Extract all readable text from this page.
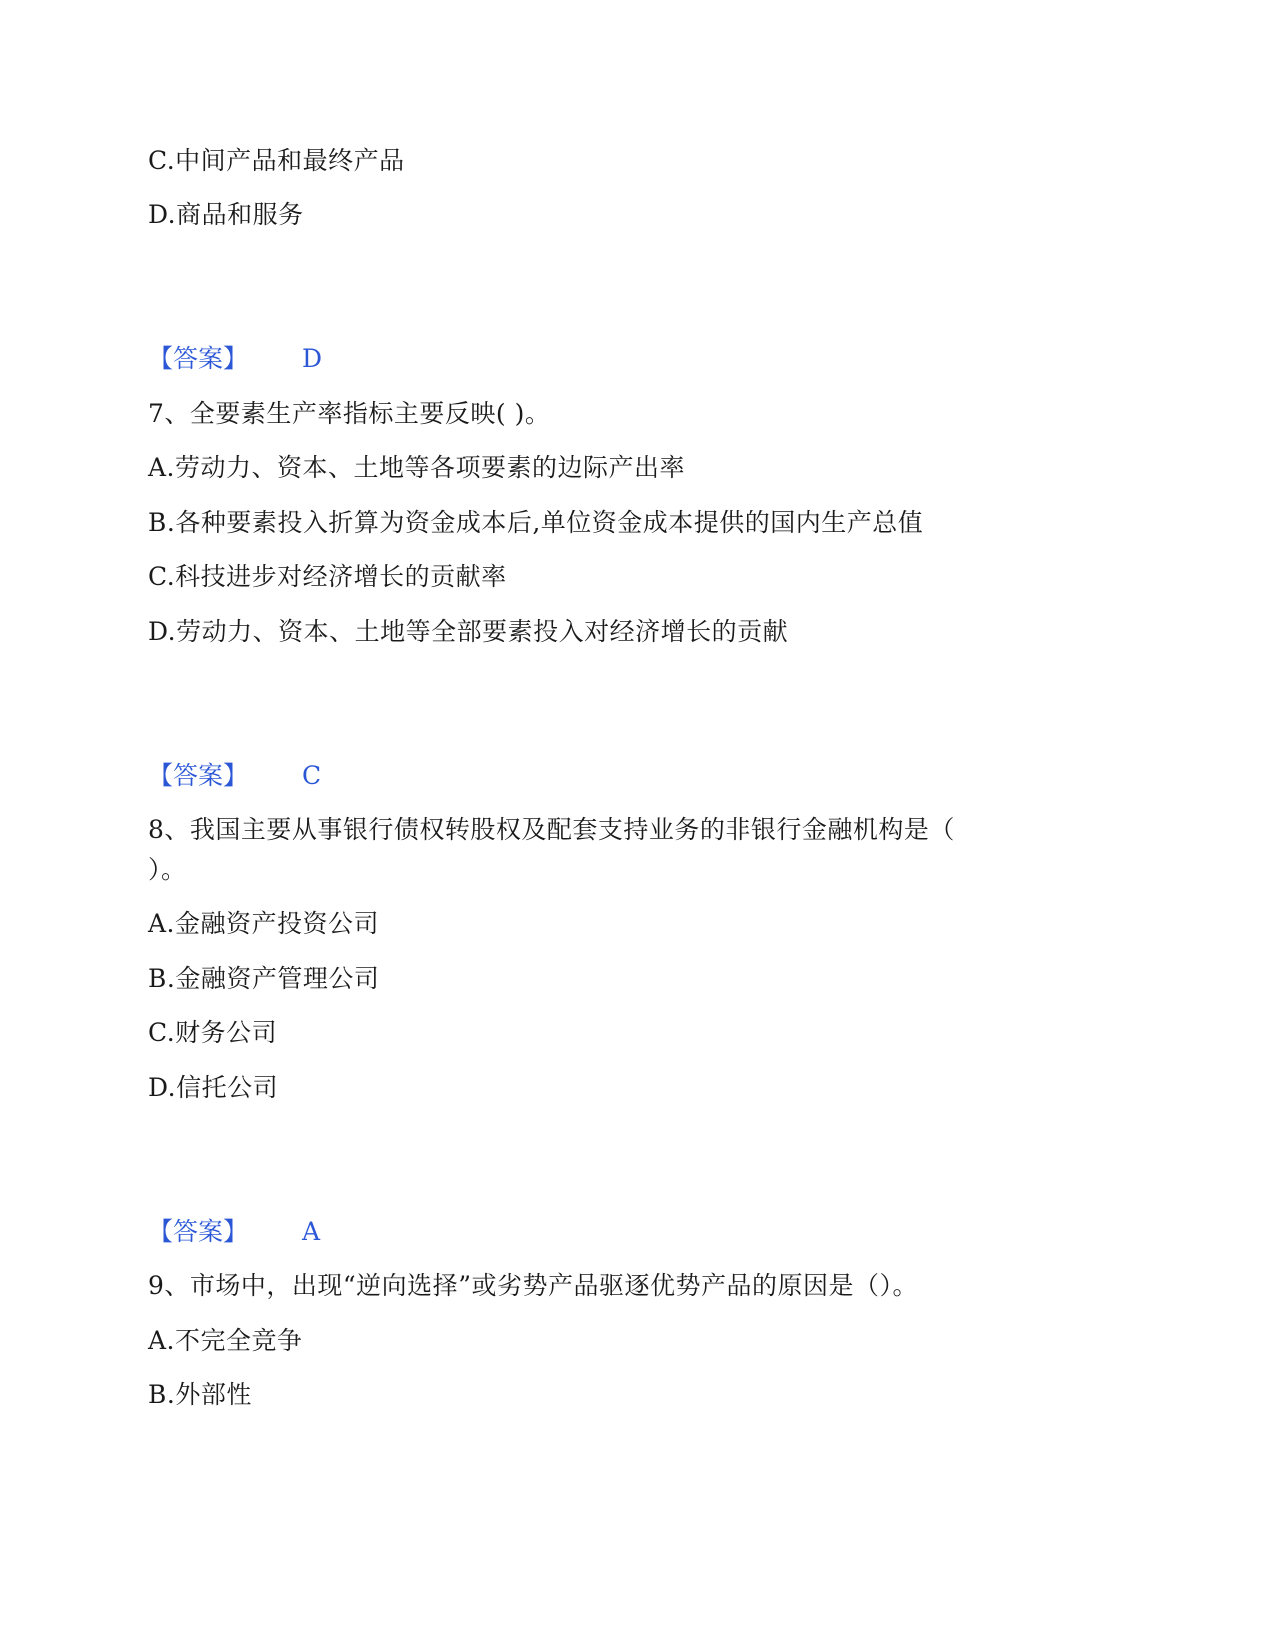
C.中间产品和最终产品
D.商品和服务
【答案】 D
7、全要素生产率指标主要反映( )。
A.劳动力、资本、土地等各项要素的边际产出率
B.各种要素投入折算为资金成本后,单位资金成本提供的国内生产总值
C.科技进步对经济增长的贡献率
D.劳动力、资本、土地等全部要素投入对经济增长的贡献
【答案】 C
8、我国主要从事银行债权转股权及配套支持业务的非银行金融机构是（
）。
A.金融资产投资公司
B.金融资产管理公司
C.财务公司
D.信托公司
【答案】 A
9、市场中，出现“逆向选择”或劣势产品驱逐优势产品的原因是（）。
A.不完全竞争
B.外部性
